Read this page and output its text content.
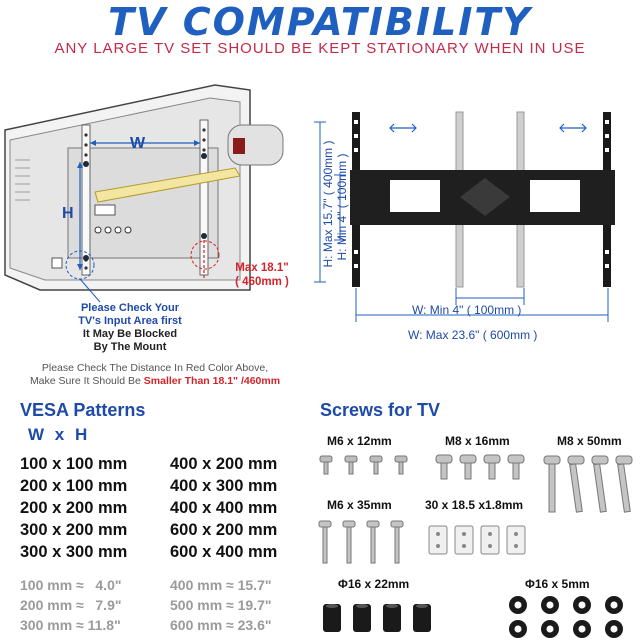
TV COMPATIBILITY
ANY LARGE TV SET SHOULD BE KEPT STATIONARY WHEN IN USE
W
H
Max 18.1"
( 460mm )
Please Check Your
TV's Input Area first
It May Be Blocked
By The Mount
Please Check The Distance In Red Color Above,
Make Sure It Should Be Smaller Than 18.1" /460mm
H: Max 15.7" ( 400mm ) H: Min 4" ( 100mm )
W: Min 4" ( 100mm )
W: Max 23.6" ( 600mm )
VESA Patterns
W x H
100 x 100 mm	400 x 200 mm
200 x 100 mm	400 x 300 mm
200 x 200 mm	400 x 400 mm
300 x 200 mm	600 x 200 mm
300 x 300 mm	600 x 400 mm
100 mm ≈   4.0"	400 mm ≈ 15.7"
200 mm ≈   7.9"	500 mm ≈ 19.7"
300 mm ≈ 11.8"	600 mm ≈ 23.6"
Screws for TV
M6 x 12mm	M8 x 16mm	M8 x 50mm
M6 x 35mm	30 x 18.5 x1.8mm
Φ16 x 22mm	Φ16 x 5mm
